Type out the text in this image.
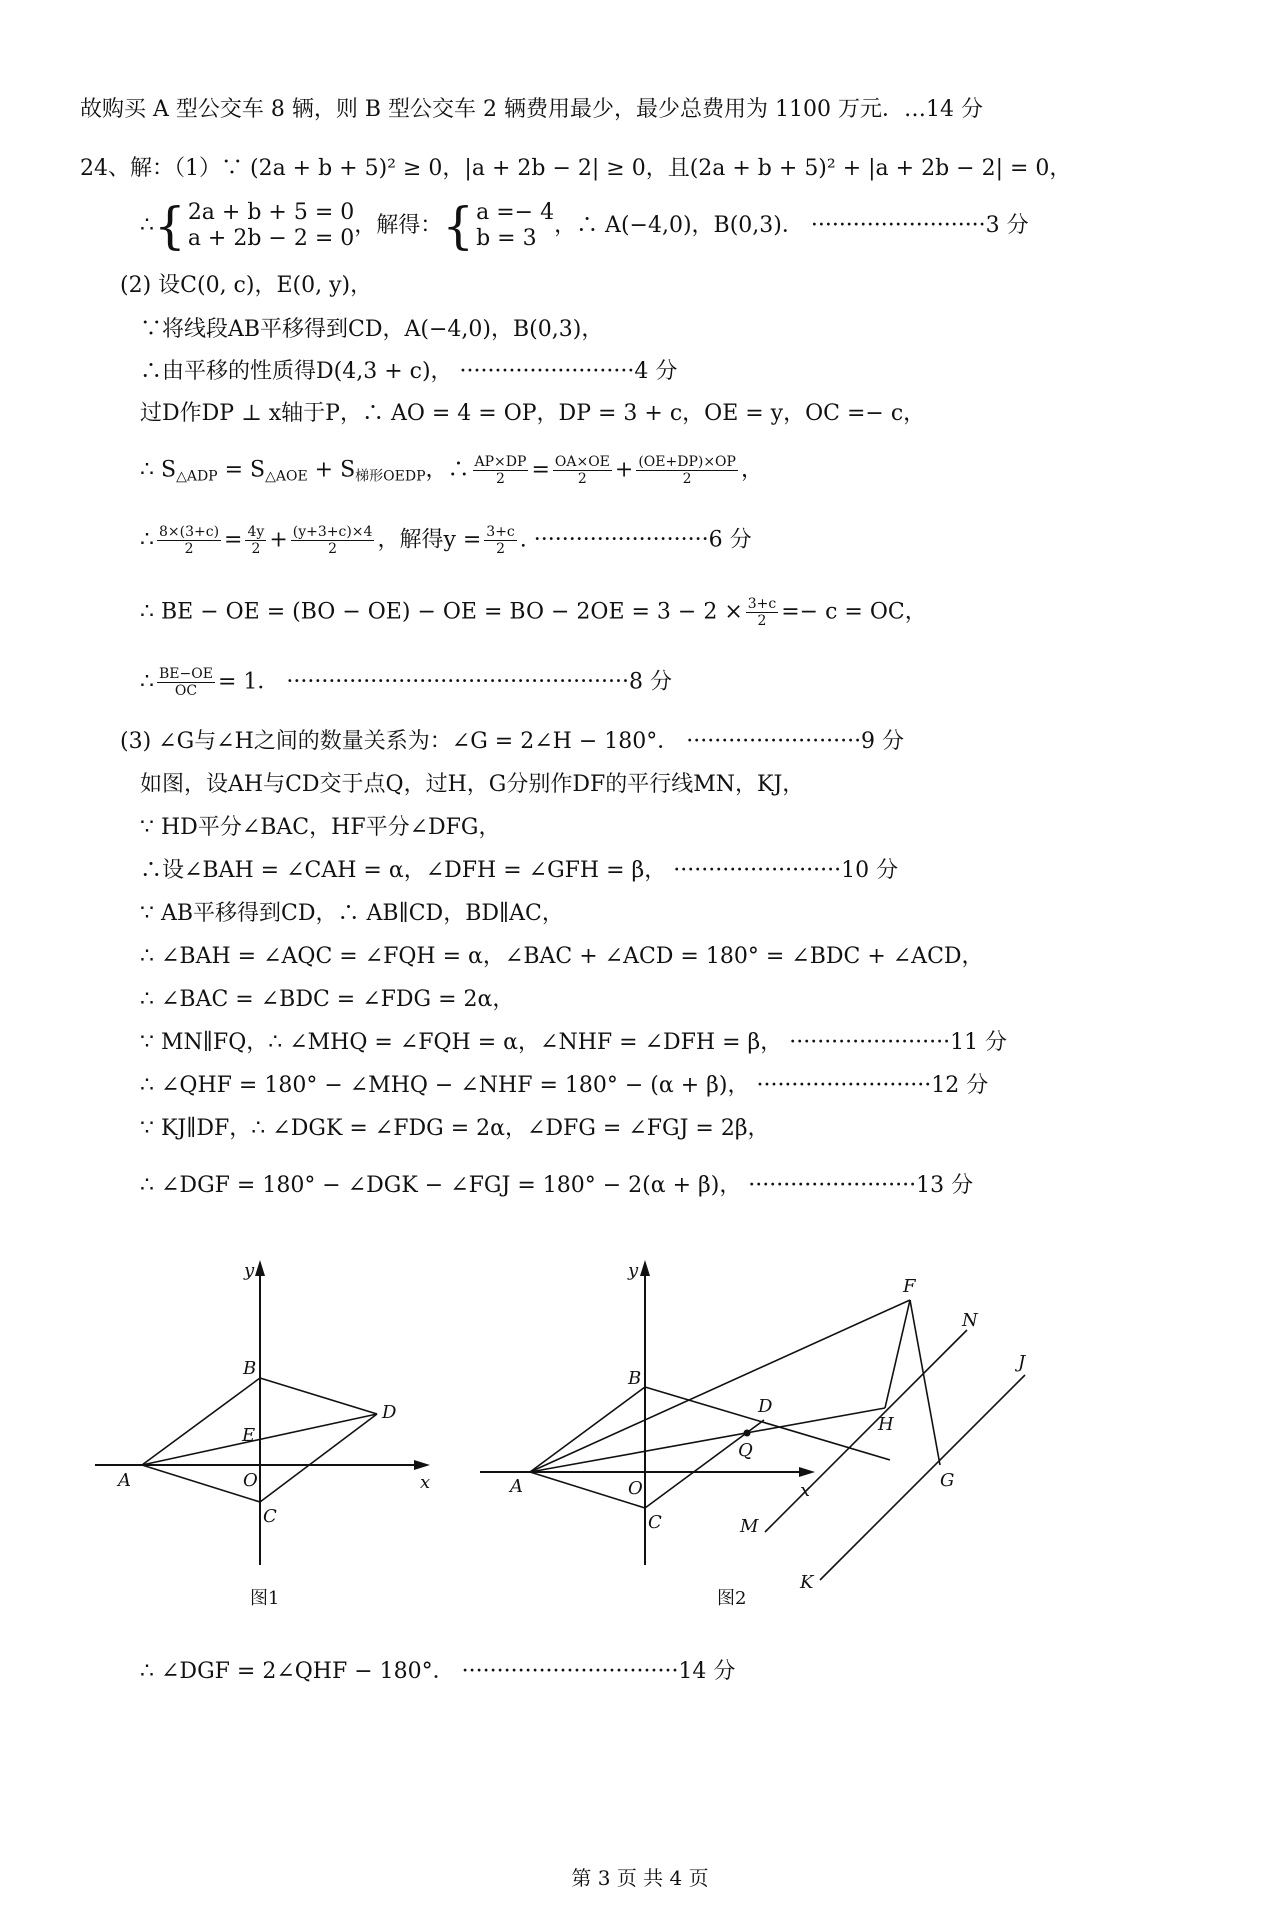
故购买 A 型公交车 8 辆，则 B 型公交车 2 辆费用最少，最少总费用为 1100 万元．…14 分
24、解：（1）∵ (2a + b + 5)² ≥ 0，|a + 2b − 2| ≥ 0，且(2a + b + 5)² + |a + 2b − 2| = 0，
∴{ 2a + b + 5 = 0
a + 2b − 2 = 0
，解得：{ a =− 4
b = 3
，∴ A(−4,0)，B(0,3)． ·························3 分
(2) 设C(0, c)，E(0, y)，
∵将线段AB平移得到CD，A(−4,0)，B(0,3)，
∴由平移的性质得D(4,3 + c)， ·························4 分
过D作DP ⊥ x轴于P，∴ AO = 4 = OP，DP = 3 + c，OE = y，OC =− c，
∴ $S_{\triangle ADP} = S_{\triangle AOE} + S_{梯形OEDP}$，∴ $\frac{AP\times DP}{2} = \frac{OA\times OE}{2} + \frac{(OE+DP)\times OP}{2}$ ，
∴ $\frac{8\times(3+c)}{2} = \frac{4y}{2} + \frac{(y+3+c)\times 4}{2}$ ，解得$y = \frac{3+c}{2}$ . ·························6 分
∴ BE − OE = (BO − OE) − OE = BO − $2OE = 3 - 2 \times \frac{3+c}{2} =- c$ = OC，
∴ $\frac{BE-OE}{OC} = 1$． ·················································8 分
(3) ∠G与∠H之间的数量关系为：∠G = 2∠H − 180°． ·························9 分
如图，设AH与CD交于点Q，过H，G分别作DF的平行线MN，KJ，
∵ HD平分∠BAC，HF平分∠DFG，
∴设∠BAH = ∠CAH = α，∠DFH = ∠GFH = β， ························10 分
∵ AB平移得到CD，∴ AB∥CD，BD∥AC，
∴ ∠BAH = ∠AQC = ∠FQH = α，∠BAC + ∠ACD = 180° = ∠BDC + ∠ACD，
∴ ∠BAC = ∠BDC = ∠FDG = 2α，
∵ MN∥FQ，∴ ∠MHQ = ∠FQH = α，∠NHF = ∠DFH = β， ·······················11 分
∴ ∠QHF = 180° − ∠MHQ − ∠NHF = 180° − (α + β)， ·························12 分
∵ KJ∥DF，∴ ∠DGK = ∠FDG = 2α，∠DFG = ∠FGJ = 2β，
∴ ∠DGF = 180° − ∠DGK − ∠FGJ = 180° − 2(α + β)， ························13 分
y
x
A
B
C
D
E
O
图1
y
x
A
B
C
D
O
F
N
J
H
Q
G
M
K
图2
∴ ∠DGF = 2∠QHF − 180°． ·······························14 分
第 3 页 共 4 页
